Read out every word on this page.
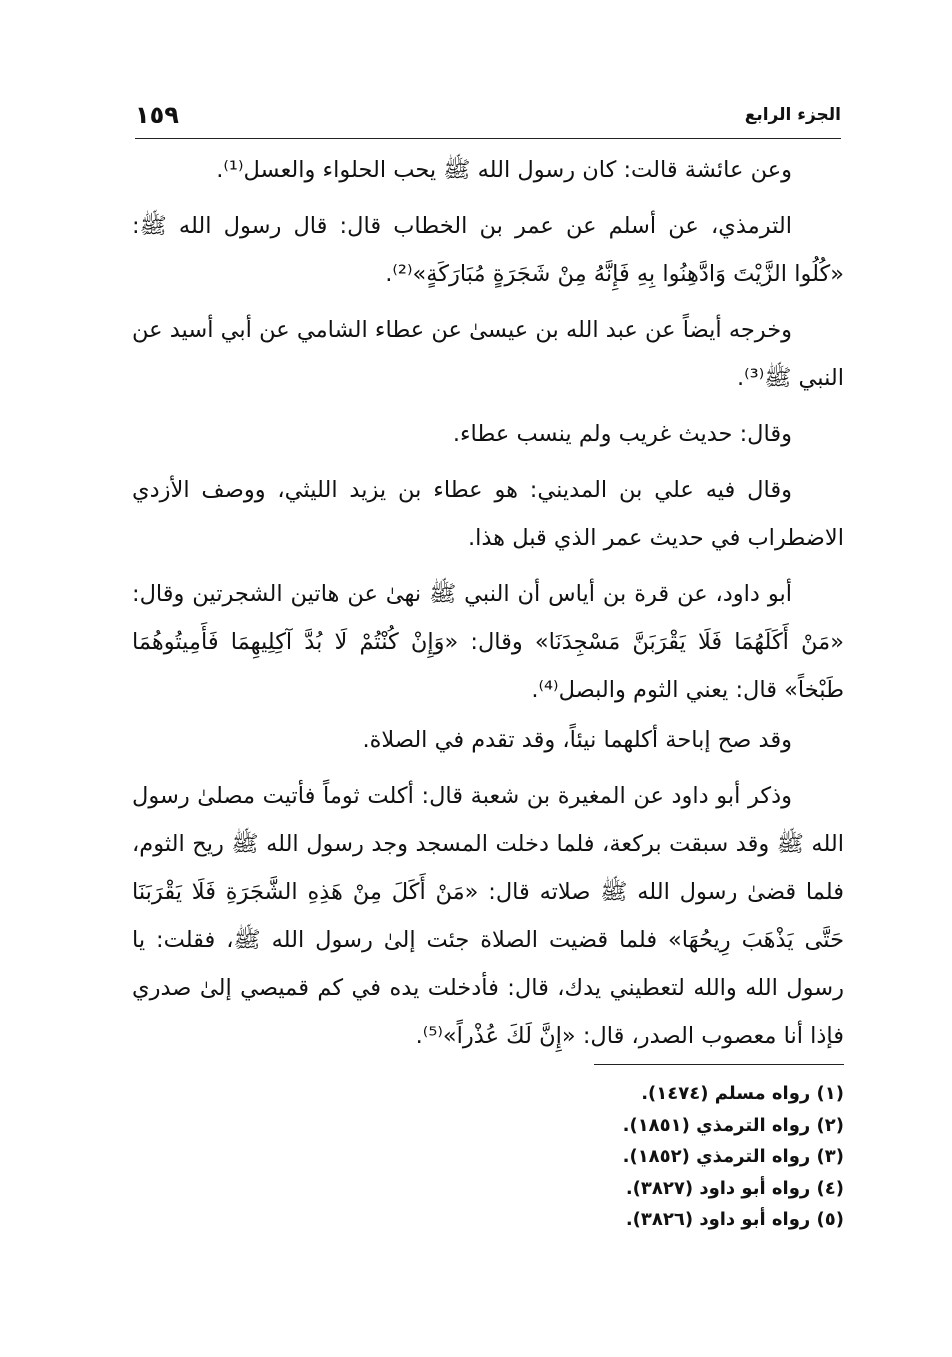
الجزء الرابع
١٥٩

وعن عائشة قالت: كان رسول الله ﷺ يحب الحلواء والعسل⁽¹⁾.

الترمذي، عن أسلم عن عمر بن الخطاب قال: قال رسول الله ﷺ: «كُلُوا الزَّيْتَ وَادَّهِنُوا بِهِ فَإِنَّهُ مِنْ شَجَرَةٍ مُبَارَكَةٍ»⁽²⁾.

وخرجه أيضاً عن عبد الله بن عيسىٰ عن عطاء الشامي عن أبي أسيد عن النبي ﷺ⁽³⁾.

وقال: حديث غريب ولم ينسب عطاء.

وقال فيه علي بن المديني: هو عطاء بن يزيد الليثي، ووصف الأزدي الاضطراب في حديث عمر الذي قبل هذا.

أبو داود، عن قرة بن أياس أن النبي ﷺ نهىٰ عن هاتين الشجرتين وقال: «مَنْ أَكَلَهُمَا فَلَا يَقْرَبَنَّ مَسْجِدَنَا» وقال: «وَإِنْ كُنْتُمْ لَا بُدَّ آكِلِيهِمَا فَأَمِيتُوهُمَا طَبْخاً» قال: يعني الثوم والبصل⁽⁴⁾.

وقد صح إباحة أكلهما نيئاً، وقد تقدم في الصلاة.

وذكر أبو داود عن المغيرة بن شعبة قال: أكلت ثوماً فأتيت مصلىٰ رسول الله ﷺ وقد سبقت بركعة، فلما دخلت المسجد وجد رسول الله ﷺ ريح الثوم، فلما قضىٰ رسول الله ﷺ صلاته قال: «مَنْ أَكَلَ مِنْ هَذِهِ الشَّجَرَةِ فَلَا يَقْرَبَنَا حَتَّى يَذْهَبَ رِيحُهَا» فلما قضيت الصلاة جئت إلىٰ رسول الله ﷺ، فقلت: يا رسول الله والله لتعطيني يدك، قال: فأدخلت يده في كم قميصي إلىٰ صدري فإذا أنا معصوب الصدر، قال: «إِنَّ لَكَ عُذْراً»⁽⁵⁾.

(١) رواه مسلم (١٤٧٤).

(٢) رواه الترمذي (١٨٥١).

(٣) رواه الترمذي (١٨٥٢).

(٤) رواه أبو داود (٣٨٢٧).

(٥) رواه أبو داود (٣٨٢٦).
